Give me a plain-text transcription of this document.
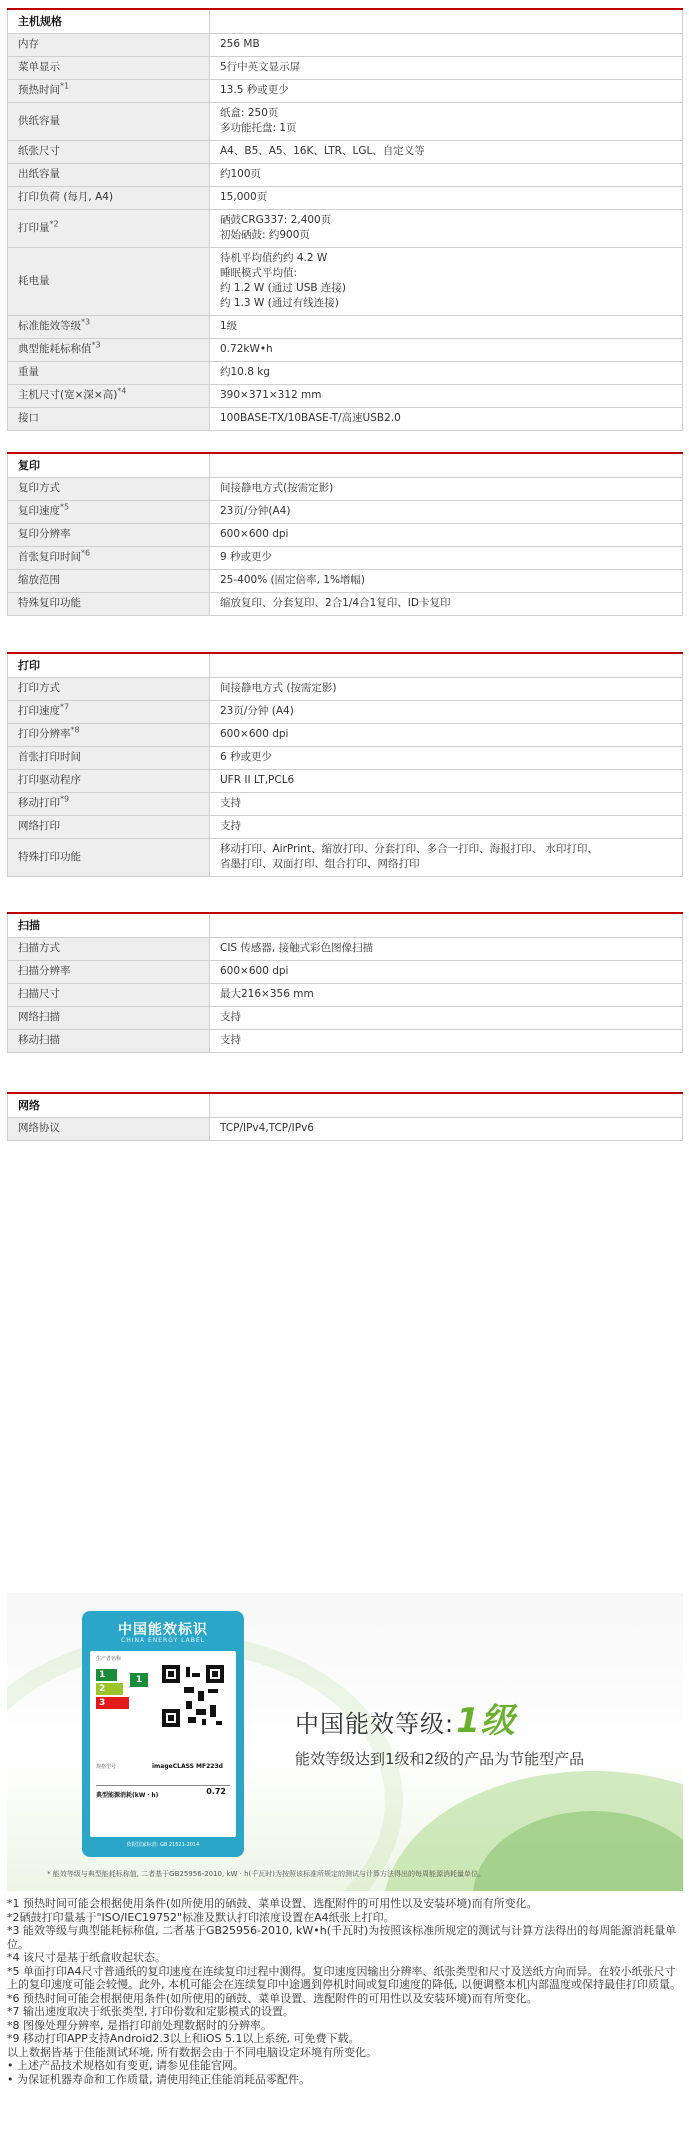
主机规格	
内存	256 MB

菜单显示	5行中英文显示屏

预热时间$^{*1}$	13.5 秒或更少

供纸容量	纸盒: 250页
多功能托盘: 1页

纸张尺寸	A4、B5、A5、16K、LTR、LGL、自定义等

出纸容量	约100页

打印负荷 (每月, A4)	15,000页

打印量$^{*2}$	硒鼓CRG337: 2,400页
初始硒鼓: 约900页

耗电量	待机平均值约约 4.2 W
睡眠模式平均值:
约 1.2 W (通过 USB 连接)
约 1.3 W (通过有线连接)

标准能效等级$^{*3}$	1级

典型能耗标称值$^{*3}$	0.72kW•h

重量	约10.8 kg

主机尺寸(宽×深×高)$^{*4}$	390×371×312 mm

接口	100BASE-TX/10BASE-T/高速USB2.0
复印	
复印方式	间接静电方式(按需定影)

复印速度$^{*5}$	23页/分钟(A4)

复印分辨率	600×600 dpi

首张复印时间$^{*6}$	9 秒或更少

缩放范围	25-400% (固定倍率, 1%增幅)

特殊复印功能	缩放复印、分套复印、2合1/4合1复印、ID卡复印
打印	
打印方式	间接静电方式 (按需定影)

打印速度$^{*7}$	23页/分钟 (A4)

打印分辨率$^{*8}$	600×600 dpi

首张打印时间	6 秒或更少

打印驱动程序	UFR II LT,PCL6

移动打印$^{*9}$	支持

网络打印	支持

特殊打印功能	移动打印、AirPrint、缩放打印、分套打印、多合一打印、海报打印、 水印打印、
省墨打印、双面打印、组合打印、网络打印
扫描	
扫描方式	CIS 传感器, 接触式彩色图像扫描

扫描分辨率	600×600 dpi

扫描尺寸	最大216×356 mm

网络扫描	支持

移动扫描	支持
网络	
网络协议	TCP/IPv4,TCP/IPv6
中国能效标识
CHINA ENERGY LABEL
生产者名称
1
2
3
1
规格型号	imageCLASS MF223d
典型能源消耗(kW・h)	0.72
依据国家标准: GB 21521-2014
中国能效等级:1级
能效等级达到1级和2级的产品为节能型产品
* 能效等级与典型能耗标称值, 二者基于GB25956-2010, kW · h(千瓦时)为按照该标准所规定的测试与计算方法得出的每周能源消耗量单位。
*1 预热时间可能会根据使用条件(如所使用的硒鼓、菜单设置、选配附件的可用性以及安装环境)而有所变化。
*2硒鼓打印量基于"ISO/IEC19752"标准及默认打印浓度设置在A4纸张上打印。
*3 能效等级与典型能耗标称值, 二者基于GB25956-2010, kW•h(千瓦时)为按照该标准所规定的测试与计算方法得出的每周能源消耗量单位。
*4 该尺寸是基于纸盒收起状态。
*5 单面打印A4尺寸普通纸的复印速度在连续复印过程中测得。复印速度因输出分辨率、纸张类型和尺寸及送纸方向而异。在较小纸张尺寸上的复印速度可能会较慢。此外, 本机可能会在连续复印中途遇到停机时间或复印速度的降低, 以便调整本机内部温度或保持最佳打印质量。
*6 预热时间可能会根据使用条件(如所使用的硒鼓、菜单设置、选配附件的可用性以及安装环境)而有所变化。
*7 输出速度取决于纸张类型, 打印份数和定影模式的设置。
*8 图像处理分辨率, 是指打印前处理数据时的分辨率。
*9 移动打印APP支持Android2.3以上和iOS 5.1以上系统, 可免费下载。
以上数据皆基于佳能测试环境, 所有数据会由于不同电脑设定环境有所变化。
• 上述产品技术规格如有变更, 请参见佳能官网。
• 为保证机器寿命和工作质量, 请使用纯正佳能消耗品零配件。
